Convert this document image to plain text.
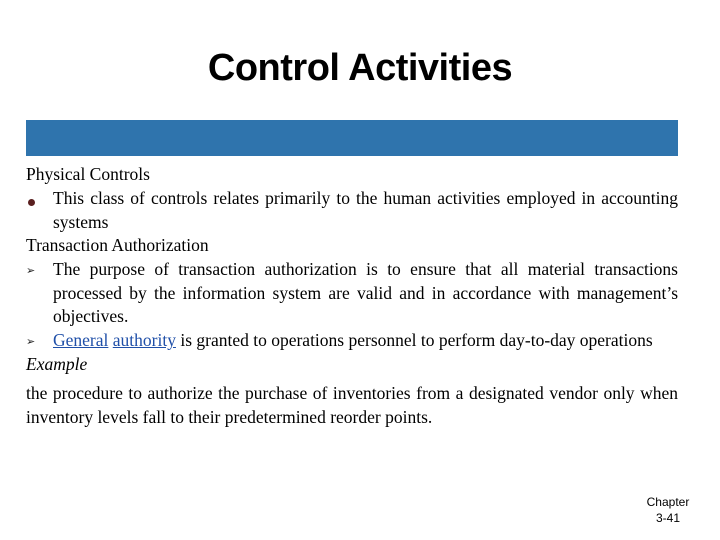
Control Activities

Physical Controls

This class of controls relates primarily to the human activities employed in accounting systems

Transaction Authorization

➢ The purpose of transaction authorization is to ensure that all material transactions processed by the information system are valid and in accordance with management’s objectives.
➢ General authority is granted to operations personnel to perform day-to-day operations

Example

the procedure to authorize the purchase of inventories from a designated vendor only when inventory levels fall to their predetermined reorder points.

Chapter
3-41
